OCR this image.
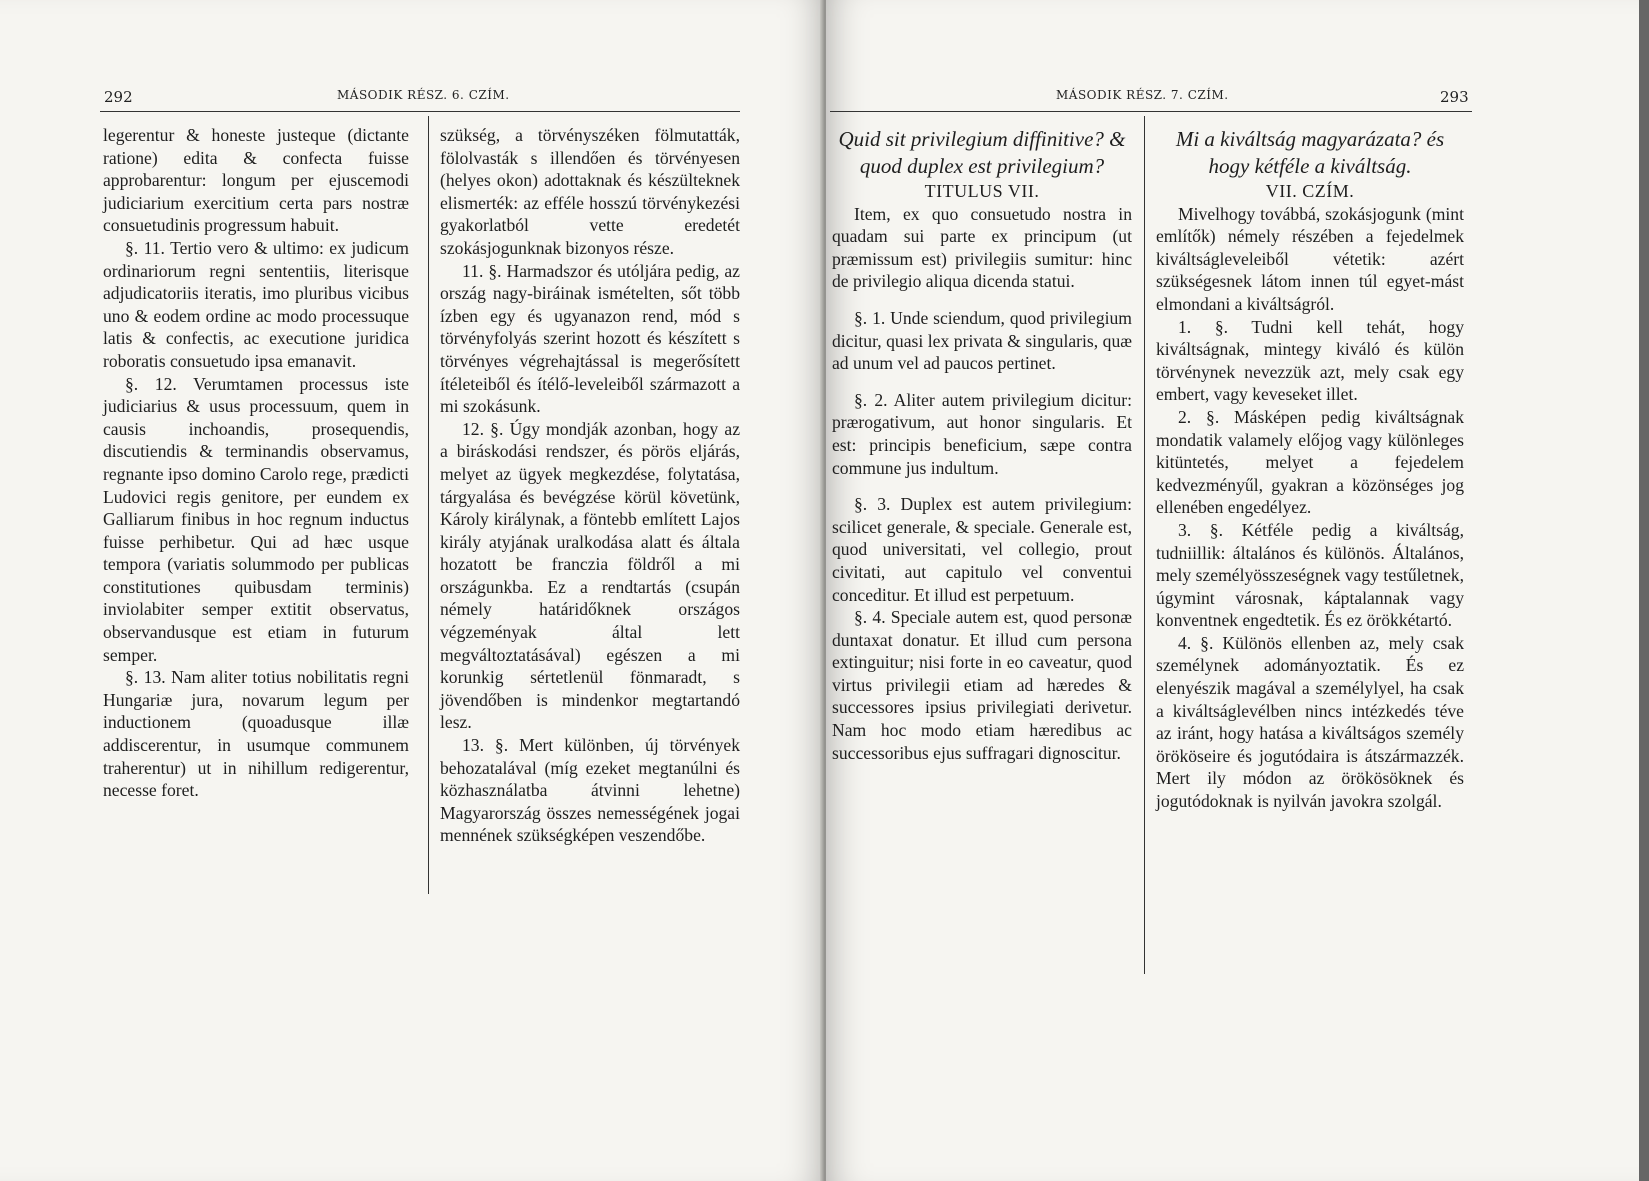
292	MÁSODIK RÉSZ. 6. CZÍM.

legerentur & honeste justeque (dictante ratione) edita & confecta fuisse approbarentur: longum per ejuscemodi judiciarium exercitium certa pars nostræ consuetudinis progressum habuit.

§. 11. Tertio vero & ultimo: ex judicum ordinariorum regni sententiis, literisque adjudicatoriis iteratis, imo pluribus vicibus uno & eodem ordine ac modo processuque latis & confectis, ac executione juridica roboratis consuetudo ipsa emanavit.

§. 12. Verumtamen processus iste judiciarius & usus processuum, quem in causis inchoandis, prosequendis, discutiendis & terminandis observamus, regnante ipso domino Carolo rege, prædicti Ludovici regis genitore, per eundem ex Galliarum finibus in hoc regnum inductus fuisse perhibetur. Qui ad hæc usque tempora (variatis solummodo per publicas constitutiones quibusdam terminis) inviolabiter semper extitit observatus, observandusque est etiam in futurum semper.

§. 13. Nam aliter totius nobilitatis regni Hungariæ jura, novarum legum per inductionem (quoadusque illæ addiscerentur, in usumque communem traherentur) ut in nihillum redigerentur, necesse foret.

szükség, a törvényszéken fölmutatták, fölolvasták s illendően és törvényesen (helyes okon) adottaknak és készülteknek elismerték: az efféle hosszú törvénykezési gyakorlatból vette eredetét szokásjogunknak bizonyos része.

11. §. Harmadszor és utóljára pedig, az ország nagy-biráinak ismételten, sőt több ízben egy és ugyanazon rend, mód s törvényfolyás szerint hozott és készített s törvényes végrehajtással is megerősített ítéleteiből és ítélő-leveleiből származott a mi szokásunk.

12. §. Úgy mondják azonban, hogy az a biráskodási rendszer, és pörös eljárás, melyet az ügyek megkezdése, folytatása, tárgyalása és bevégzése körül követünk, Károly királynak, a föntebb említett Lajos király atyjának uralkodása alatt és általa hozatott be franczia földről a mi országunkba. Ez a rendtartás (csupán némely határidőknek országos végzeményak által lett megváltoztatásával) egészen a mi korunkig sértetlenül fönmaradt, s jövendőben is mindenkor megtartandó lesz.

13. §. Mert különben, új törvények behozatalával (míg ezeket megtanúlni és közhasználatba átvinni lehetne) Magyarország összes nemességének jogai mennének szükségképen veszendőbe.

MÁSODIK RÉSZ. 7. CZÍM.	293

Quid sit privilegium diffinitive? & quod duplex est privilegium?

TITULUS VII.

Item, ex quo consuetudo nostra in quadam sui parte ex principum (ut præmissum est) privilegiis sumitur: hinc de privilegio aliqua dicenda statui.

§. 1. Unde sciendum, quod privilegium dicitur, quasi lex privata & singularis, quæ ad unum vel ad paucos pertinet.

§. 2. Aliter autem privilegium dicitur: prærogativum, aut honor singularis. Et est: principis beneficium, sæpe contra commune jus indultum.

§. 3. Duplex est autem privilegium: scilicet generale, & speciale. Generale est, quod universitati, vel collegio, prout civitati, aut capitulo vel conventui conceditur. Et illud est perpetuum.

§. 4. Speciale autem est, quod personæ duntaxat donatur. Et illud cum persona extinguitur; nisi forte in eo caveatur, quod virtus privilegii etiam ad hæredes & successores ipsius privilegiati derivetur. Nam hoc modo etiam hæredibus ac successoribus ejus suffragari dignoscitur.

Mi a kiváltság magyarázata? és hogy kétféle a kiváltság.

VII. CZÍM.

Mivelhogy továbbá, szokásjogunk (mint említők) némely részében a fejedelmek kiváltságleveleiből vétetik: azért szükségesnek látom innen túl egyet-mást elmondani a kiváltságról.

1. §. Tudni kell tehát, hogy kiváltságnak, mintegy kiváló és külön törvénynek nevezzük azt, mely csak egy embert, vagy keveseket illet.

2. §. Másképen pedig kiváltságnak mondatik valamely előjog vagy különleges kitüntetés, melyet a fejedelem kedvezményűl, gyakran a közönséges jog ellenében engedélyez.

3. §. Kétféle pedig a kiváltság, tudniillik: általános és különös. Általános, mely személyösszeségnek vagy testűletnek, úgymint városnak, káptalannak vagy konventnek engedtetik. És ez örökkétartó.

4. §. Különös ellenben az, mely csak személynek adományoztatik. És ez elenyészik magával a személylyel, ha csak a kiváltságlevélben nincs intézkedés téve az iránt, hogy hatása a kiváltságos személy örököseire és jogutódaira is átszármazzék. Mert ily módon az örökösöknek és jogutódoknak is nyilván javokra szolgál.
